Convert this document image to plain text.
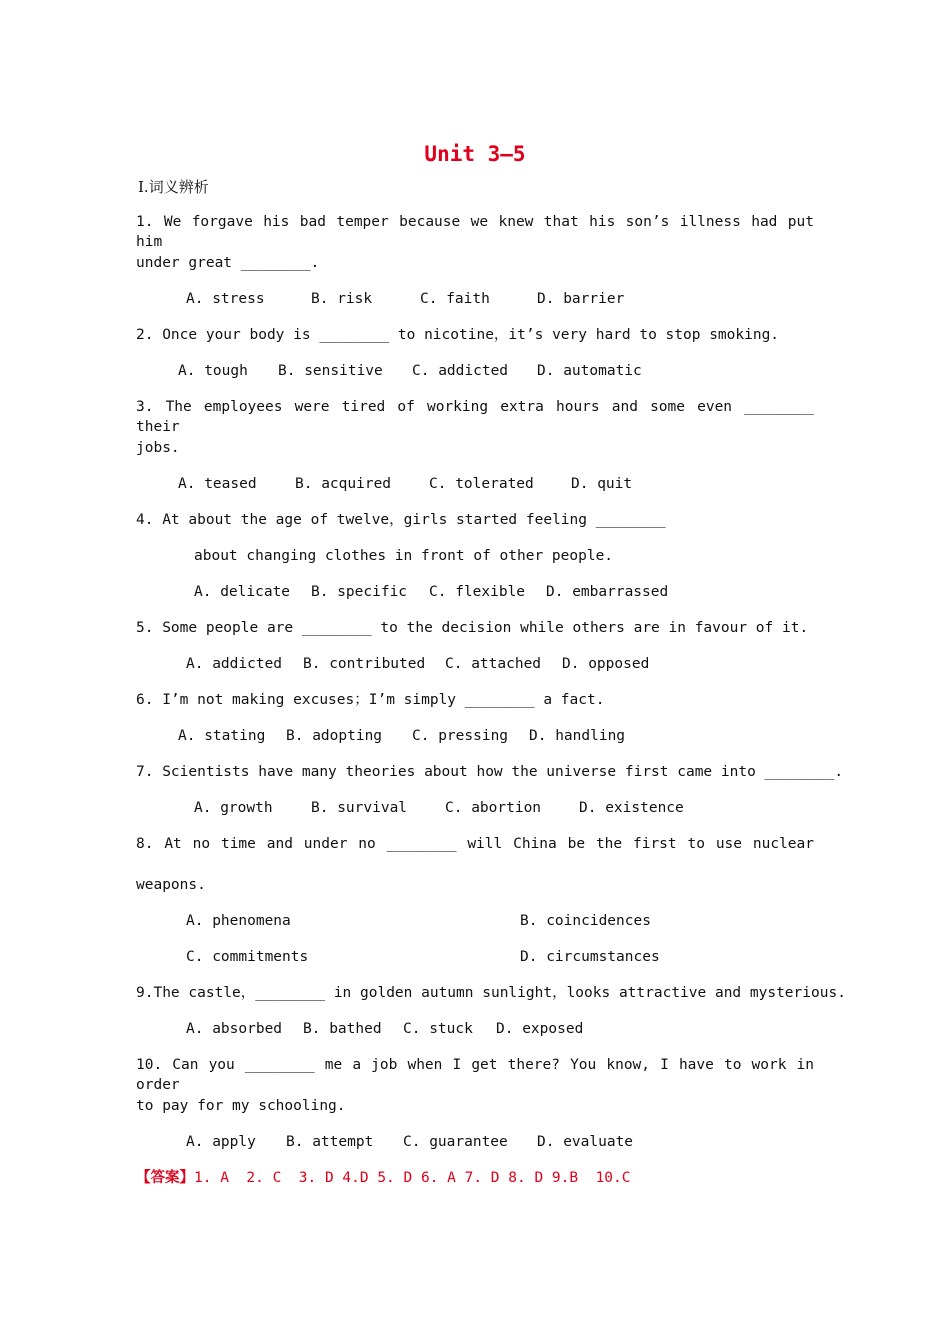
Unit 3—5
Ⅰ.词义辨析
1. We forgave his bad temper because we knew that his son’s illness had put him
under great ________.
A. stress	B. risk	C. faith	D. barrier
2. Once your body is ________ to nicotine，it’s very hard to stop smoking.
A. tough B. sensitive C. addicted D. automatic
3. The employees were tired of working extra hours and some even ________ their
jobs.
A. teased	B. acquired	C. tolerated	D. quit
4. At about the age of twelve，girls started feeling ________
about changing clothes in front of other people.
A. delicate B. specific C. flexible D. embarrassed
5. Some people are ________ to the decision while others are in favour of it.
A. addicted B. contributed C. attached D. opposed
6. I’m not making excuses；I’m simply ________ a fact.
A. stating B. adopting C. pressing D. handling
7. Scientists have many theories about how the universe first came into ________.
A. growth	B. survival	C. abortion	D. existence
8. At no time and under no ________ will China be the first to use nuclear
weapons.
A. phenomena	B. coincidences
C. commitments	D. circumstances
9.The castle，________ in golden autumn sunlight，looks attractive and mysterious.
A. absorbed B. bathed C. stuck D. exposed
10. Can you ________ me a job when I get there? You know, I have to work in order
to pay for my schooling.
A. apply B. attempt C. guarantee D. evaluate
【答案】1. A  2. C  3. D 4.D 5. D 6. A 7. D 8. D 9.B  10.C
